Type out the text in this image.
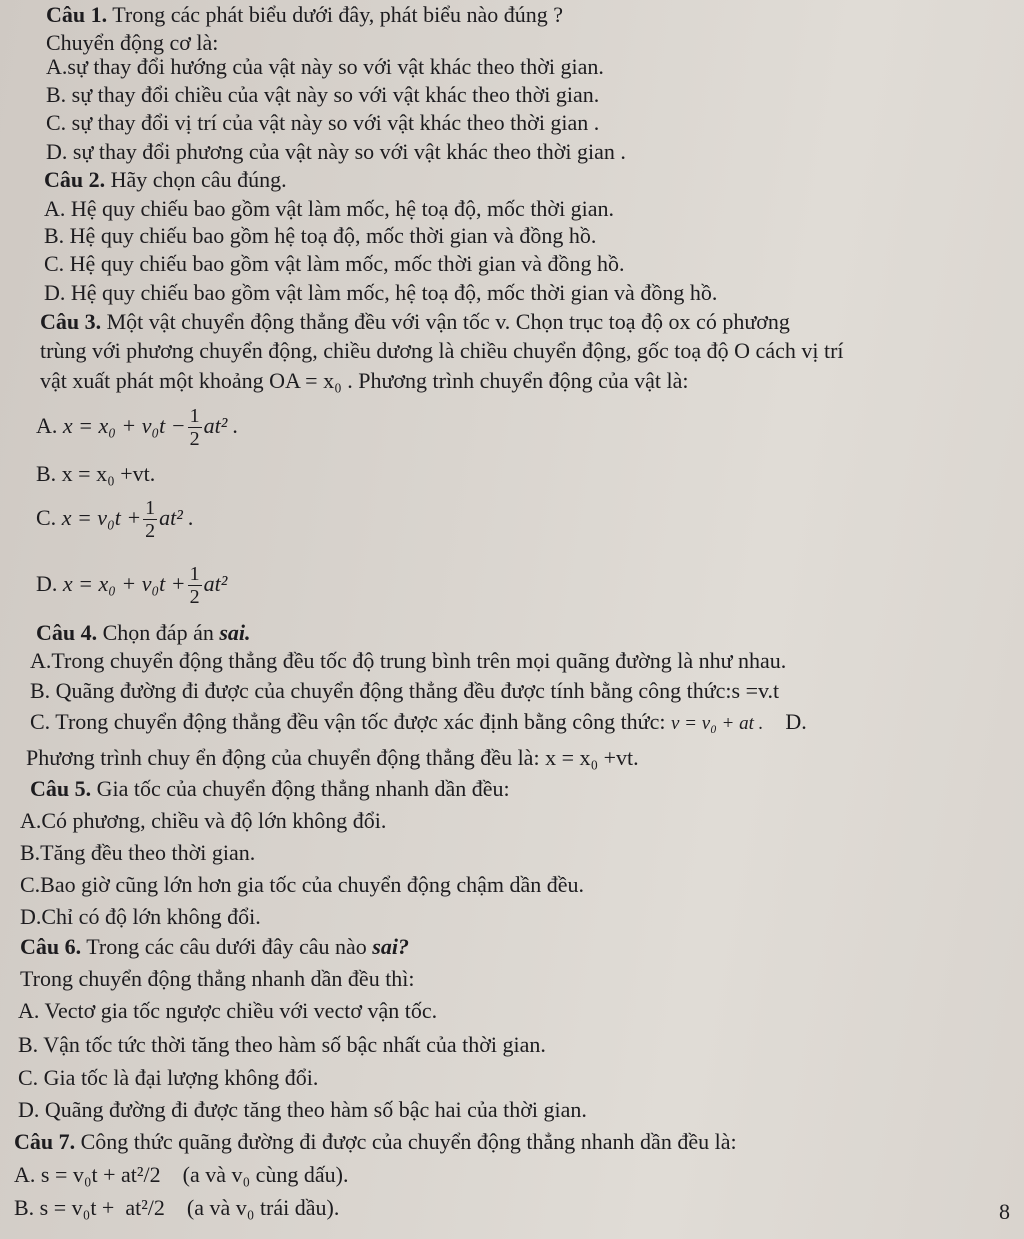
Câu 1. Trong các phát biểu dưới đây, phát biểu nào đúng ?
Chuyển động cơ là:
A.sự thay đổi hướng của vật này so với vật khác theo thời gian.
B. sự thay đổi chiều của vật này so với vật khác theo thời gian.
C. sự thay đổi vị trí của vật này so với vật khác theo thời gian .
D. sự thay đổi phương của vật này so với vật khác theo thời gian .
Câu 2. Hãy chọn câu đúng.
A. Hệ quy chiếu bao gồm vật làm mốc, hệ toạ độ, mốc thời gian.
B. Hệ quy chiếu bao gồm hệ toạ độ, mốc thời gian và đồng hồ.
C. Hệ quy chiếu bao gồm vật làm mốc, mốc thời gian và đồng hồ.
D. Hệ quy chiếu bao gồm vật làm mốc, hệ toạ độ, mốc thời gian và đồng hồ.
Câu 3. Một vật chuyển động thẳng đều với vận tốc v. Chọn trục toạ độ ox có phương
trùng với phương chuyển động, chiều dương là chiều chuyển động, gốc toạ độ O cách vị trí
vật xuất phát một khoảng OA = x₀ . Phương trình chuyển động của vật là:
A. $x = x_0 + v_0t - \frac{1}{2} at^2$ .
B. x = x₀ +vt.
C. $x = v_0t + \frac{1}{2} at^2$ .
D. $x = x_0 + v_0t + \frac{1}{2} at^2$
Câu 4. Chọn đáp án sai.
A.Trong chuyển động thẳng đều tốc độ trung bình trên mọi quãng đường là như nhau.
B. Quãng đường đi được của chuyển động thẳng đều được tính bằng công thức:s =v.t
C. Trong chuyển động thẳng đều vận tốc được xác định bằng công thức: v = v₀ + at . D.
Phương trình chuy ển động của chuyển động thẳng đều là: x = x₀ +vt.
Câu 5. Gia tốc của chuyển động thẳng nhanh dần đều:
A.Có phương, chiều và độ lớn không đổi.
B.Tăng đều theo thời gian.
C.Bao giờ cũng lớn hơn gia tốc của chuyển động chậm dần đều.
D.Chỉ có độ lớn không đổi.
Câu 6. Trong các câu dưới đây câu nào sai?
Trong chuyển động thẳng nhanh dần đều thì:
A. Vectơ gia tốc ngược chiều với vectơ vận tốc.
B. Vận tốc tức thời tăng theo hàm số bậc nhất của thời gian.
C. Gia tốc là đại lượng không đổi.
D. Quãng đường đi được tăng theo hàm số bậc hai của thời gian.
Câu 7. Công thức quãng đường đi được của chuyển động thẳng nhanh dần đều là:
A. s = v₀t + at²/2    (a và v₀ cùng dấu).
B. s = v₀t +  at²/2    (a và v₀ trái dầu).	8
